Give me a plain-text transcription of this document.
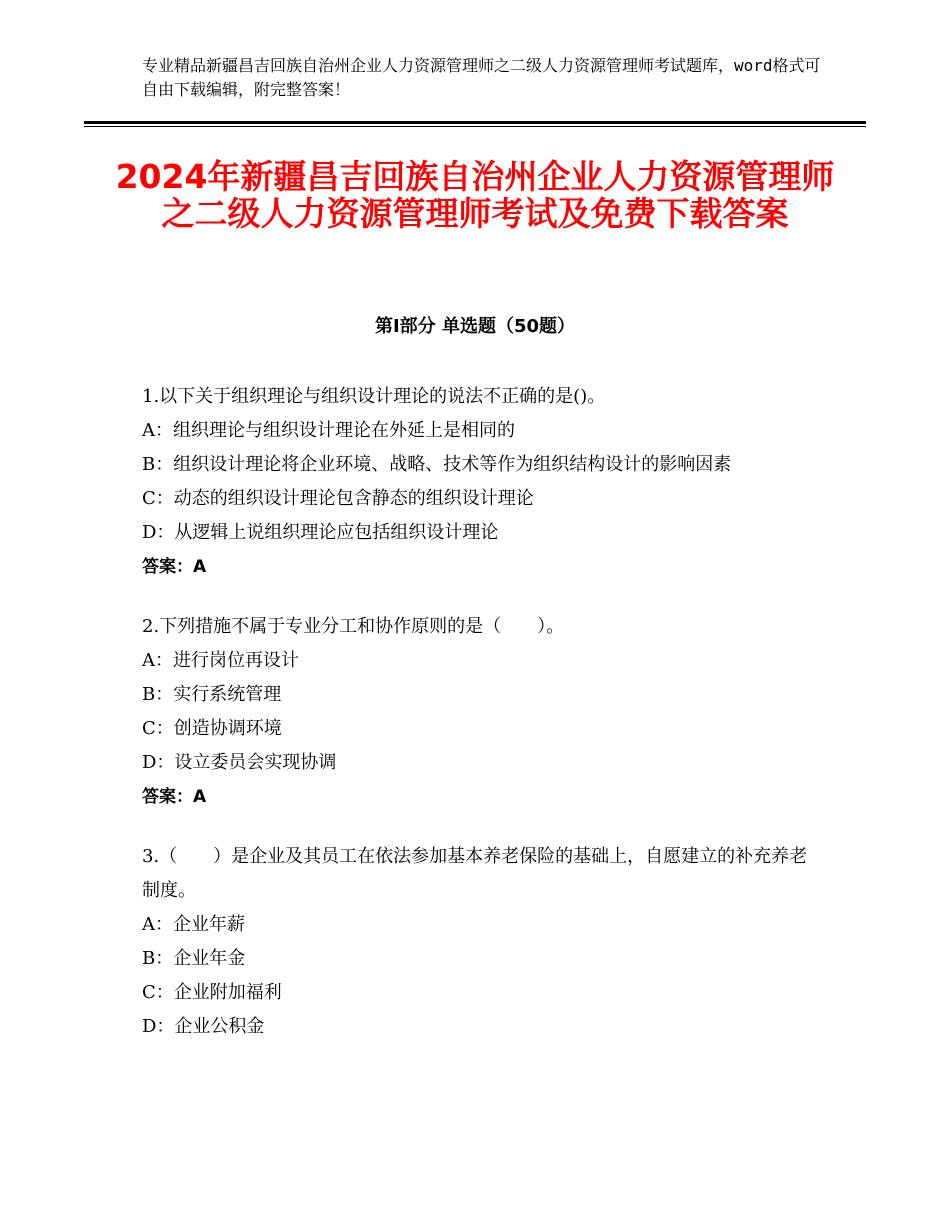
专业精品新疆昌吉回族自治州企业人力资源管理师之二级人力资源管理师考试题库，word格式可自由下载编辑，附完整答案！
2024年新疆昌吉回族自治州企业人力资源管理师之二级人力资源管理师考试及免费下载答案
第Ⅰ部分 单选题（50题）
1.以下关于组织理论与组织设计理论的说法不正确的是()。
A：组织理论与组织设计理论在外延上是相同的
B：组织设计理论将企业环境、战略、技术等作为组织结构设计的影响因素
C：动态的组织设计理论包含静态的组织设计理论
D：从逻辑上说组织理论应包括组织设计理论
答案：A
2.下列措施不属于专业分工和协作原则的是（　　）。
A：进行岗位再设计
B：实行系统管理
C：创造协调环境
D：设立委员会实现协调
答案：A
3.（　　）是企业及其员工在依法参加基本养老保险的基础上，自愿建立的补充养老制度。
A：企业年薪
B：企业年金
C：企业附加福利
D：企业公积金
